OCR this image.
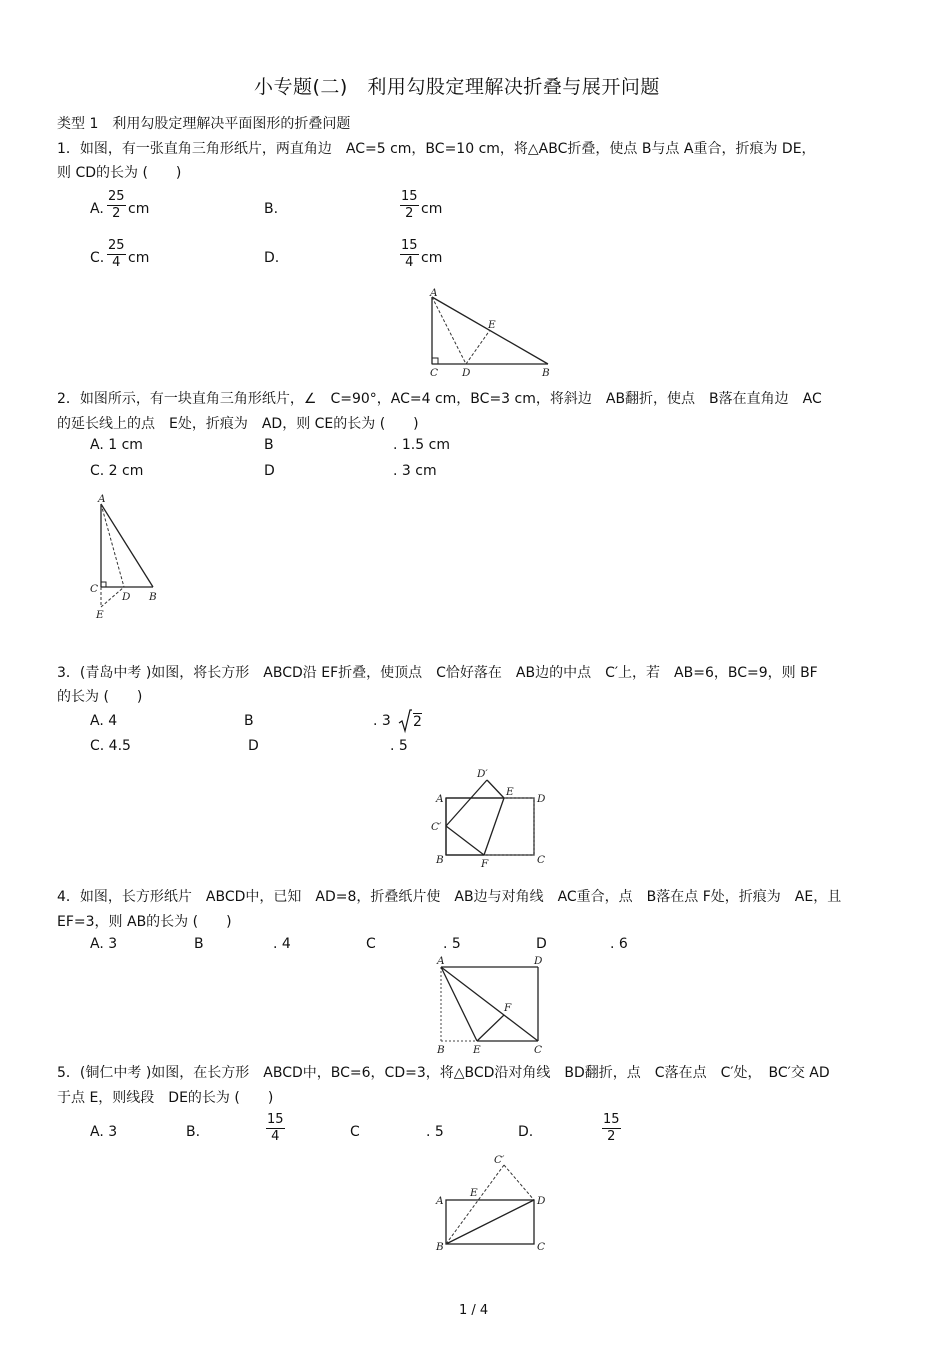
小专题(二)　利用勾股定理解决折叠与展开问题
类型 1　利用勾股定理解决平面图形的折叠问题
1．如图，有一张直角三角形纸片，两直角边　AC=5 cm，BC=10 cm，将△ABC折叠，使点 B与点 A重合，折痕为 DE，
则 CD的长为 (　　)
A. $\frac{25}{2}$ cm	B.	$\frac{15}{2}$ cm
C. $\frac{25}{4}$ cm	D.	$\frac{15}{4}$ cm
A
E
C D	B
2．如图所示，有一块直角三角形纸片，∠　C=90°，AC=4 cm，BC=3 cm，将斜边　AB翻折，使点　B落在直角边　AC
的延长线上的点　E处，折痕为　AD，则 CE的长为 (　　)
A. 1 cm	B	. 1.5 cm
C. 2 cm	D	. 3 cm
A
C
D B
E
3．(青岛中考 )如图，将长方形　ABCD沿 EF折叠，使顶点　C恰好落在　AB边的中点　C′上，若　AB=6，BC=9，则 BF
的长为 (　　)
A. 4	B	. 3 2
C. 4.5	D	. 5
D′
E
A	D
C′
B	F	C
4．如图，长方形纸片　ABCD中，已知　AD=8，折叠纸片使　AB边与对角线　AC重合，点　B落在点 F处，折痕为　AE，且
EF=3，则 AB的长为 (　　)
A. 3	B	. 4	C	. 5	D	. 6
A	D
F
B	E	C
5．(铜仁中考 )如图，在长方形　ABCD中，BC=6，CD=3，将△BCD沿对角线　BD翻折，点　C落在点　C′处，　BC′交 AD
于点 E，则线段　DE的长为 (　　)
A. 3	B.	$\frac{15}{4}$	C	. 5	D.	$\frac{15}{2}$
C′
A
E
D
B	C
1 / 4
